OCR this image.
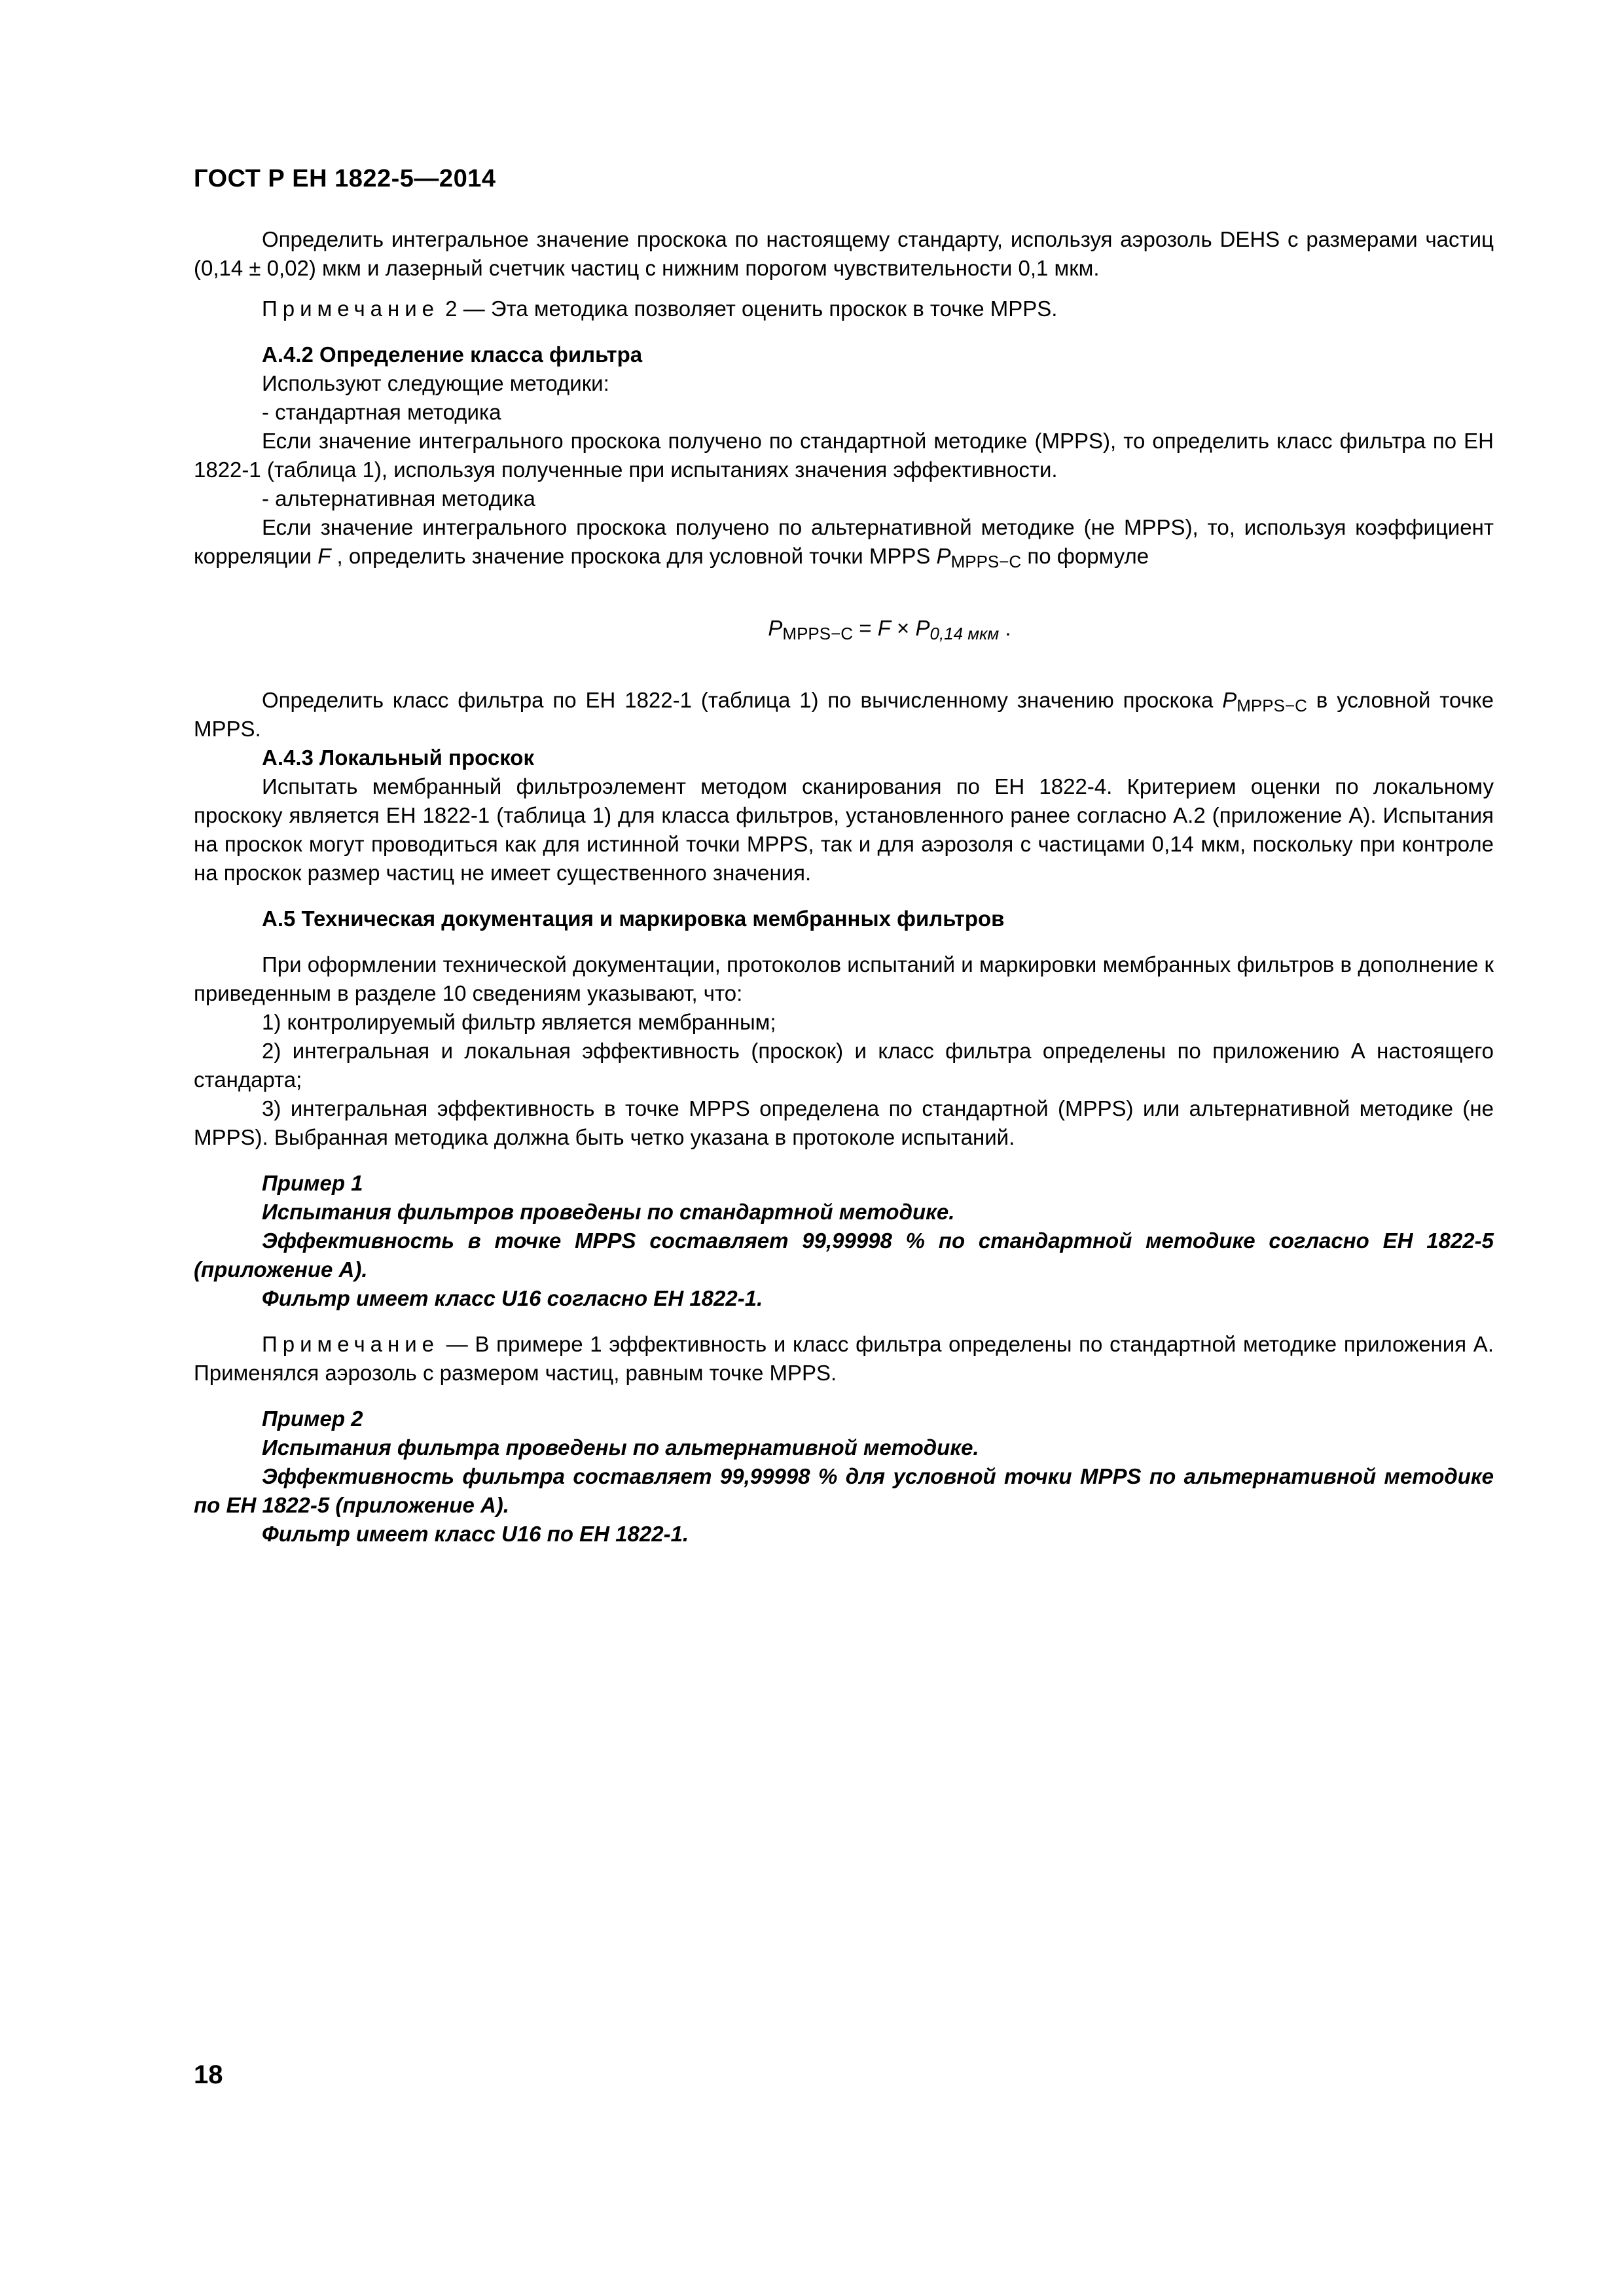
ГОСТ Р ЕН 1822-5—2014

Определить интегральное значение проскока по настоящему стандарту, используя аэрозоль DEHS с размерами частиц (0,14 ± 0,02) мкм и лазерный счетчик частиц с нижним порогом чувствительности 0,1 мкм.

Примечание 2 — Эта методика позволяет оценить проскок в точке MPPS.

А.4.2 Определение класса фильтра

Используют следующие методики:

- стандартная методика

Если значение интегрального проскока получено по стандартной методике (MPPS), то определить класс фильтра по ЕН 1822-1 (таблица 1), используя полученные при испытаниях значения эффективности.

- альтернативная методика

Если значение интегрального проскока получено по альтернативной методике (не MPPS), то, используя коэффициент корреляции F , определить значение проскока для условной точки MPPS $P_{MPPS-C}$ по формуле

$P_{MPPS-C} = F \times P_{0,14 мкм}$ .

Определить класс фильтра по ЕН 1822-1 (таблица 1) по вычисленному значению проскока $P_{MPPS-C}$ в условной точке MPPS.

А.4.3 Локальный проскок

Испытать мембранный фильтроэлемент методом сканирования по ЕН 1822-4. Критерием оценки по локальному проскоку является ЕН 1822-1 (таблица 1) для класса фильтров, установленного ранее согласно А.2 (приложение А). Испытания на проскок могут проводиться как для истинной точки MPPS, так и для аэрозоля с частицами 0,14 мкм, поскольку при контроле на проскок размер частиц не имеет существенного значения.

А.5 Техническая документация и маркировка мембранных фильтров

При оформлении технической документации, протоколов испытаний и маркировки мембранных фильтров в дополнение к приведенным в разделе 10 сведениям указывают, что:

1) контролируемый фильтр является мембранным;

2) интегральная и локальная эффективность (проскок) и класс фильтра определены по приложению А настоящего стандарта;

3) интегральная эффективность в точке MPPS определена по стандартной (MPPS) или альтернативной методике (не MPPS). Выбранная методика должна быть четко указана в протоколе испытаний.

Пример 1

Испытания фильтров проведены по стандартной методике.

Эффективность в точке MPPS составляет 99,99998 % по стандартной методике согласно ЕН 1822-5 (приложение А).

Фильтр имеет класс U16 согласно ЕН 1822-1.

Примечание — В примере 1 эффективность и класс фильтра определены по стандартной методике приложения А. Применялся аэрозоль с размером частиц, равным точке MPPS.

Пример 2

Испытания фильтра проведены по альтернативной методике.

Эффективность фильтра составляет 99,99998 % для условной точки MPPS по альтернативной методике по ЕН 1822-5 (приложение А).

Фильтр имеет класс U16 по ЕН 1822-1.

18
